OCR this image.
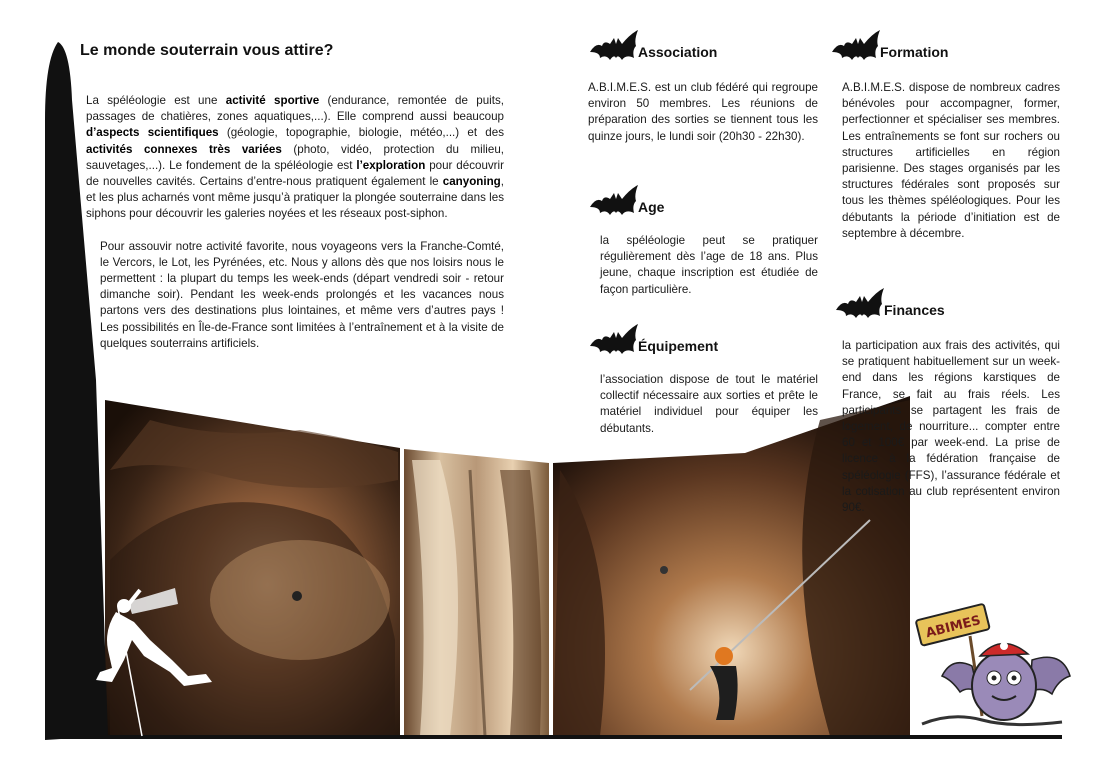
Le monde souterrain vous attire?

La spéléologie est une activité sportive (endurance, remontée de puits, passages de chatières, zones aquatiques,...). Elle comprend aussi beaucoup d’aspects scientifiques (géologie, topographie, biologie, météo,...) et des activités connexes très variées (photo, vidéo, protection du milieu, sauvetages,...). Le fondement de la spéléologie est l’exploration pour découvrir de nouvelles cavités. Certains d’entre-nous pratiquent également le canyoning, et les plus acharnés vont même jusqu’à pratiquer la plongée souterraine dans les siphons pour découvrir les galeries noyées et les réseaux post-siphon.

Pour assouvir notre activité favorite, nous voyageons vers la Franche-Comté, le Vercors, le Lot, les Pyrénées, etc. Nous y allons dès que nos loisirs nous le permettent : la plupart du temps les week-ends (départ vendredi soir - retour dimanche soir). Pendant les week-ends prolongés et les vacances nous partons vers des destinations plus lointaines, et même vers d’autres pays ! Les possibilités en Île-de-France sont limitées à l’entraînement et à la visite de quelques souterrains artificiels.

Association

A.B.I.M.E.S. est un club fédéré qui regroupe environ 50 membres. Les réunions de préparation des sorties se tiennent tous les quinze jours, le lundi soir (20h30 - 22h30).

Age

la spéléologie peut se pratiquer régulièrement dès l’age de 18 ans. Plus jeune, chaque inscription est étudiée de façon particulière.

Équipement

l’association dispose de tout le matériel collectif nécessaire aux sorties et prête le matériel individuel pour équiper les débutants.

Formation

A.B.I.M.E.S. dispose de nombreux cadres bénévoles pour accompagner, former, perfectionner et spécialiser ses membres. Les entraînements se font sur rochers ou structures artificielles en région parisienne. Des stages organisés par les structures fédérales sont proposés sur tous les thèmes spéléologiques. Pour les débutants la période d’initiation est de septembre à décembre.

Finances

la participation aux frais des activités, qui se pratiquent habituellement sur un week-end dans les régions karstiques de France, se fait au frais réels. Les participants se partagent les frais de logement, de nourriture... compter entre 60 et 100€ par week-end. La prise de licence à la fédération française de spéléologie (FFS), l’assurance fédérale et la cotisation au club représentent environ 90€.

ABIMES
